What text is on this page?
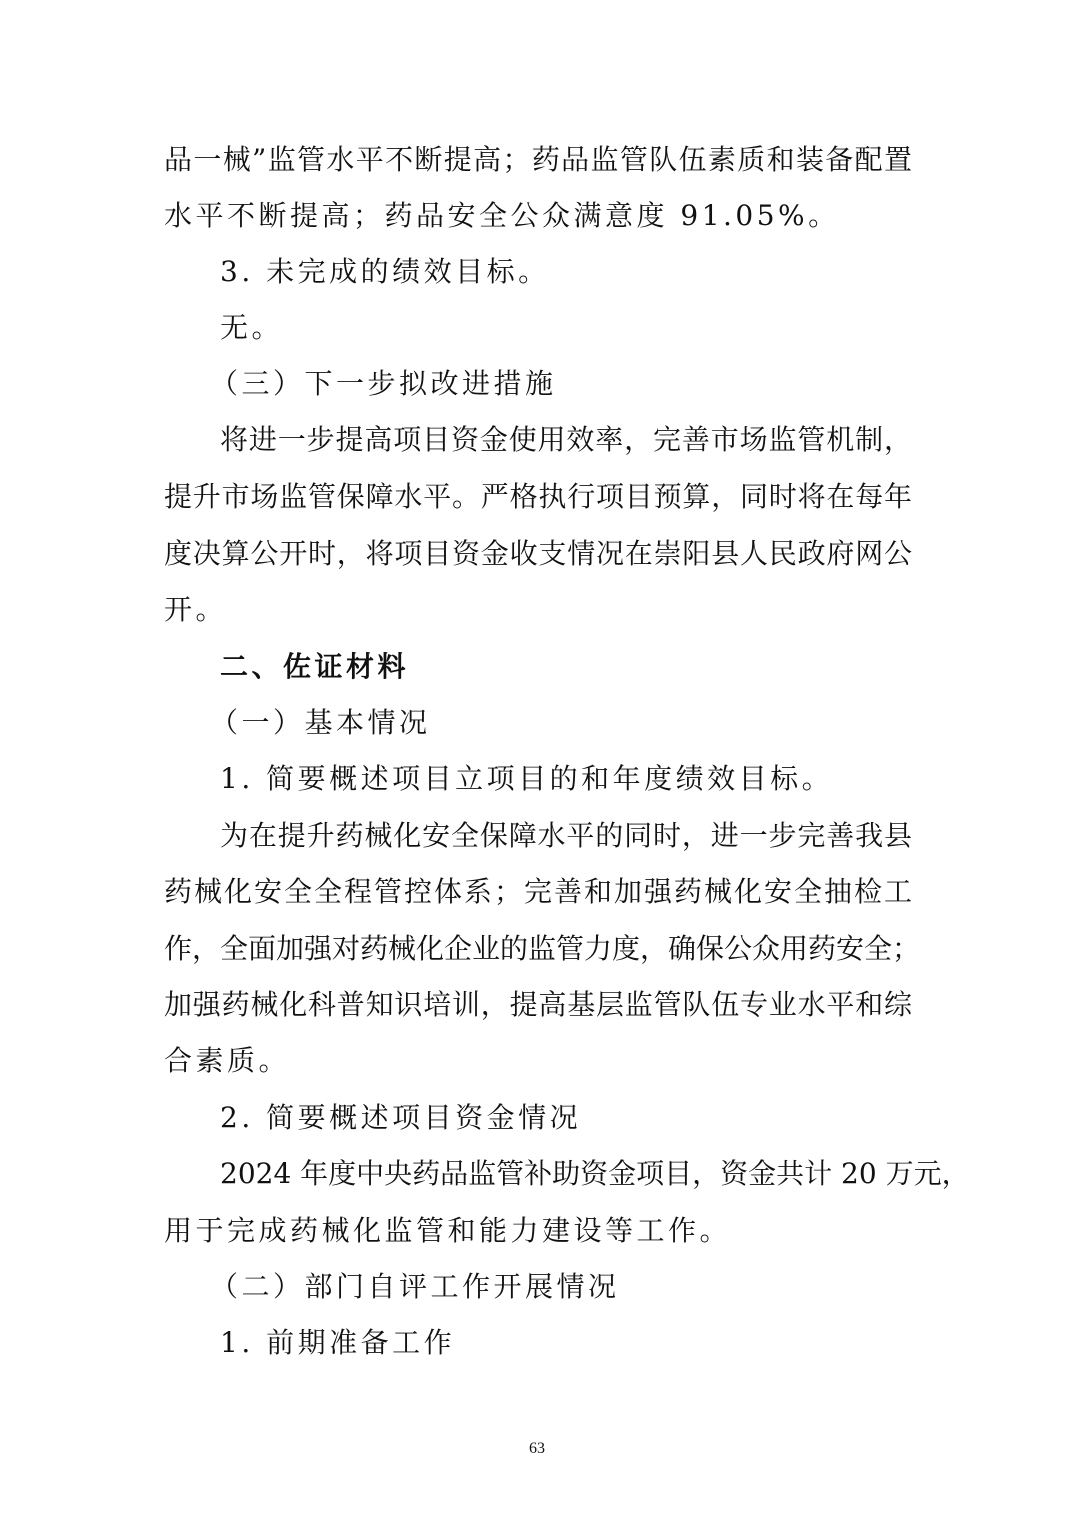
品一械”监管水平不断提高；药品监管队伍素质和装备配置
水平不断提高；药品安全公众满意度 91.05%。
3. 未完成的绩效目标。
无。
（三）下一步拟改进措施
将进一步提高项目资金使用效率，完善市场监管机制，
提升市场监管保障水平。严格执行项目预算，同时将在每年
度决算公开时，将项目资金收支情况在崇阳县人民政府网公
开。
二、佐证材料
（一）基本情况
1. 简要概述项目立项目的和年度绩效目标。
为在提升药械化安全保障水平的同时，进一步完善我县
药械化安全全程管控体系；完善和加强药械化安全抽检工
作，全面加强对药械化企业的监管力度，确保公众用药安全；
加强药械化科普知识培训，提高基层监管队伍专业水平和综
合素质。
2. 简要概述项目资金情况
2024 年度中央药品监管补助资金项目，资金共计 20 万元，
用于完成药械化监管和能力建设等工作。
（二）部门自评工作开展情况
1. 前期准备工作
63
